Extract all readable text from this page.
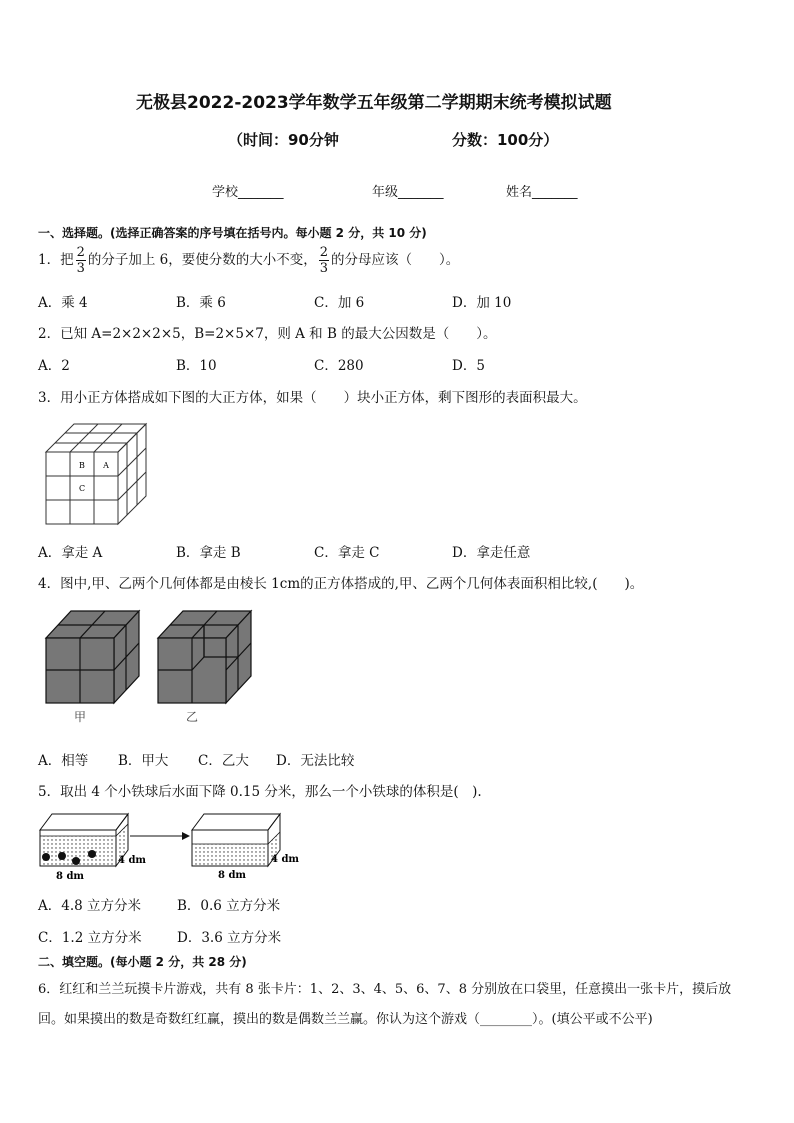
无极县2022-2023学年数学五年级第二学期期末统考模拟试题
（时间：90分钟	分数：100分）
学校_______	年级_______	姓名_______
一、选择题。(选择正确答案的序号填在括号内。每小题 2 分，共 10 分)
1．把 $\frac{2}{3}$ 的分子加上 6，要使分数的大小不变， $\frac{2}{3}$ 的分母应该（　　）。
A．乘 4	B．乘 6	C．加 6	D．加 10
2．已知 A=2×2×2×5，B=2×5×7，则 A 和 B 的最大公因数是（　　）。
A．2	B．10	C．280	D．5
3．用小正方体搭成如下图的大正方体，如果（　　）块小正方体，剩下图形的表面积最大。
B A
C
A．拿走 A	B．拿走 B	C．拿走 C	D．拿走任意
4．图中,甲、乙两个几何体都是由棱长 1cm的正方体搭成的,甲、乙两个几何体表面积相比较,(　　)。
甲	乙
A．相等 B．甲大 C．乙大 D．无法比较
5．取出 4 个小铁球后水面下降 0.15 分米，那么一个小铁球的体积是(　).
4 dm
8 dm
4 dm
8 dm
A．4.8 立方分米	B．0.6 立方分米
C．1.2 立方分米	D．3.6 立方分米
二、填空题。(每小题 2 分，共 28 分)
6．红红和兰兰玩摸卡片游戏，共有 8 张卡片：1、2、3、4、5、6、7、8 分别放在口袋里，任意摸出一张卡片，摸后放
回。如果摸出的数是奇数红红赢，摸出的数是偶数兰兰赢。你认为这个游戏（________）。(填公平或不公平)
